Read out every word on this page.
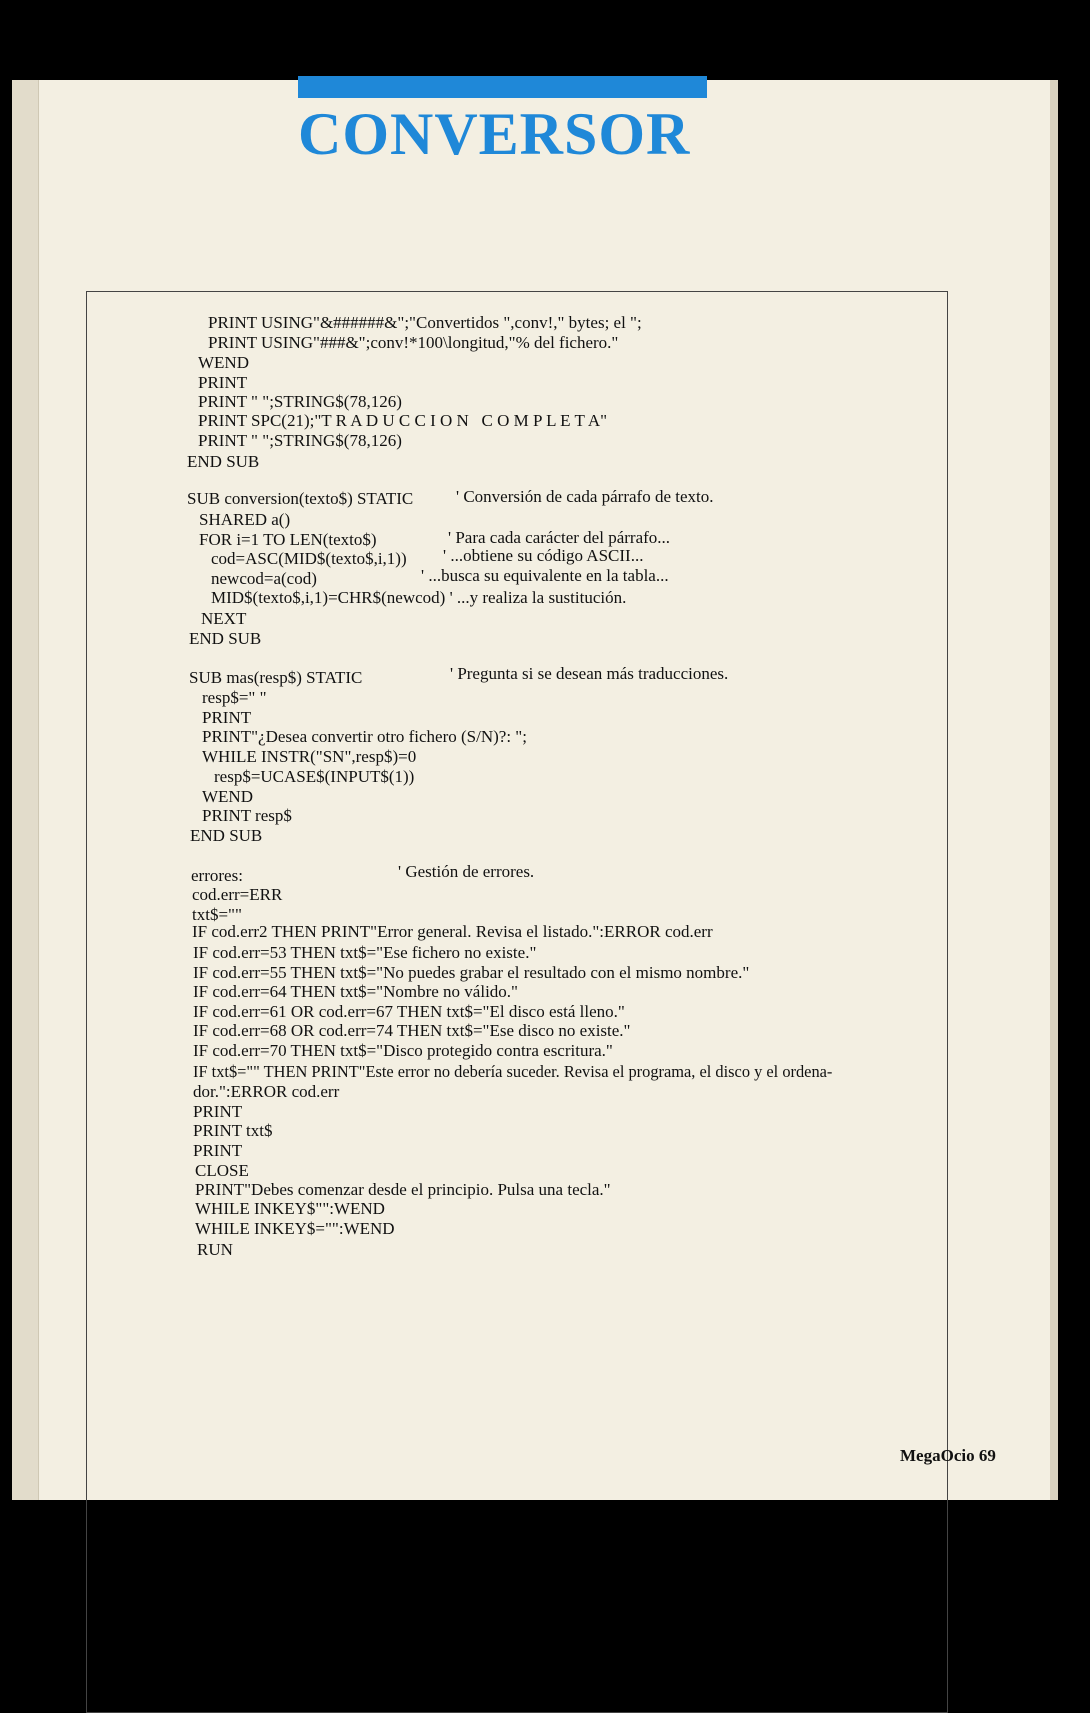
CONVERSOR
PRINT USING"&######&";"Convertidos ",conv!," bytes; el ";
PRINT USING"###&";conv!*100\longitud,"% del fichero."
WEND
PRINT
PRINT " ";STRING$(78,126)
PRINT SPC(21);"T R A D U C C I O N   C O M P L E T A"
PRINT " ";STRING$(78,126)
END SUB
SUB conversion(texto$) STATIC	' Conversión de cada párrafo de texto.
SHARED a()
FOR i=1 TO LEN(texto$)	' Para cada carácter del párrafo...
cod=ASC(MID$(texto$,i,1)) ' ...obtiene su código ASCII...
newcod=a(cod)	' ...busca su equivalente en la tabla...
MID$(texto$,i,1)=CHR$(newcod) ' ...y realiza la sustitución.
NEXT
END SUB
SUB mas(resp$) STATIC	' Pregunta si se desean más traducciones.
resp$=" "
PRINT
PRINT"¿Desea convertir otro fichero (S/N)?: ";
WHILE INSTR("SN",resp$)=0
resp$=UCASE$(INPUT$(1))
WEND
PRINT resp$
END SUB
errores:	' Gestión de errores.
cod.err=ERR
txt$=""
IF cod.err2 THEN PRINT"Error general. Revisa el listado.":ERROR cod.err
IF cod.err=53 THEN txt$="Ese fichero no existe."
IF cod.err=55 THEN txt$="No puedes grabar el resultado con el mismo nombre."
IF cod.err=64 THEN txt$="Nombre no válido."
IF cod.err=61 OR cod.err=67 THEN txt$="El disco está lleno."
IF cod.err=68 OR cod.err=74 THEN txt$="Ese disco no existe."
IF cod.err=70 THEN txt$="Disco protegido contra escritura."
IF txt$="" THEN PRINT"Este error no debería suceder. Revisa el programa, el disco y el ordena-
dor.":ERROR cod.err
PRINT
PRINT txt$
PRINT
CLOSE
PRINT"Debes comenzar desde el principio. Pulsa una tecla."
WHILE INKEY$"":WEND
WHILE INKEY$="":WEND
RUN
MegaOcio 69
